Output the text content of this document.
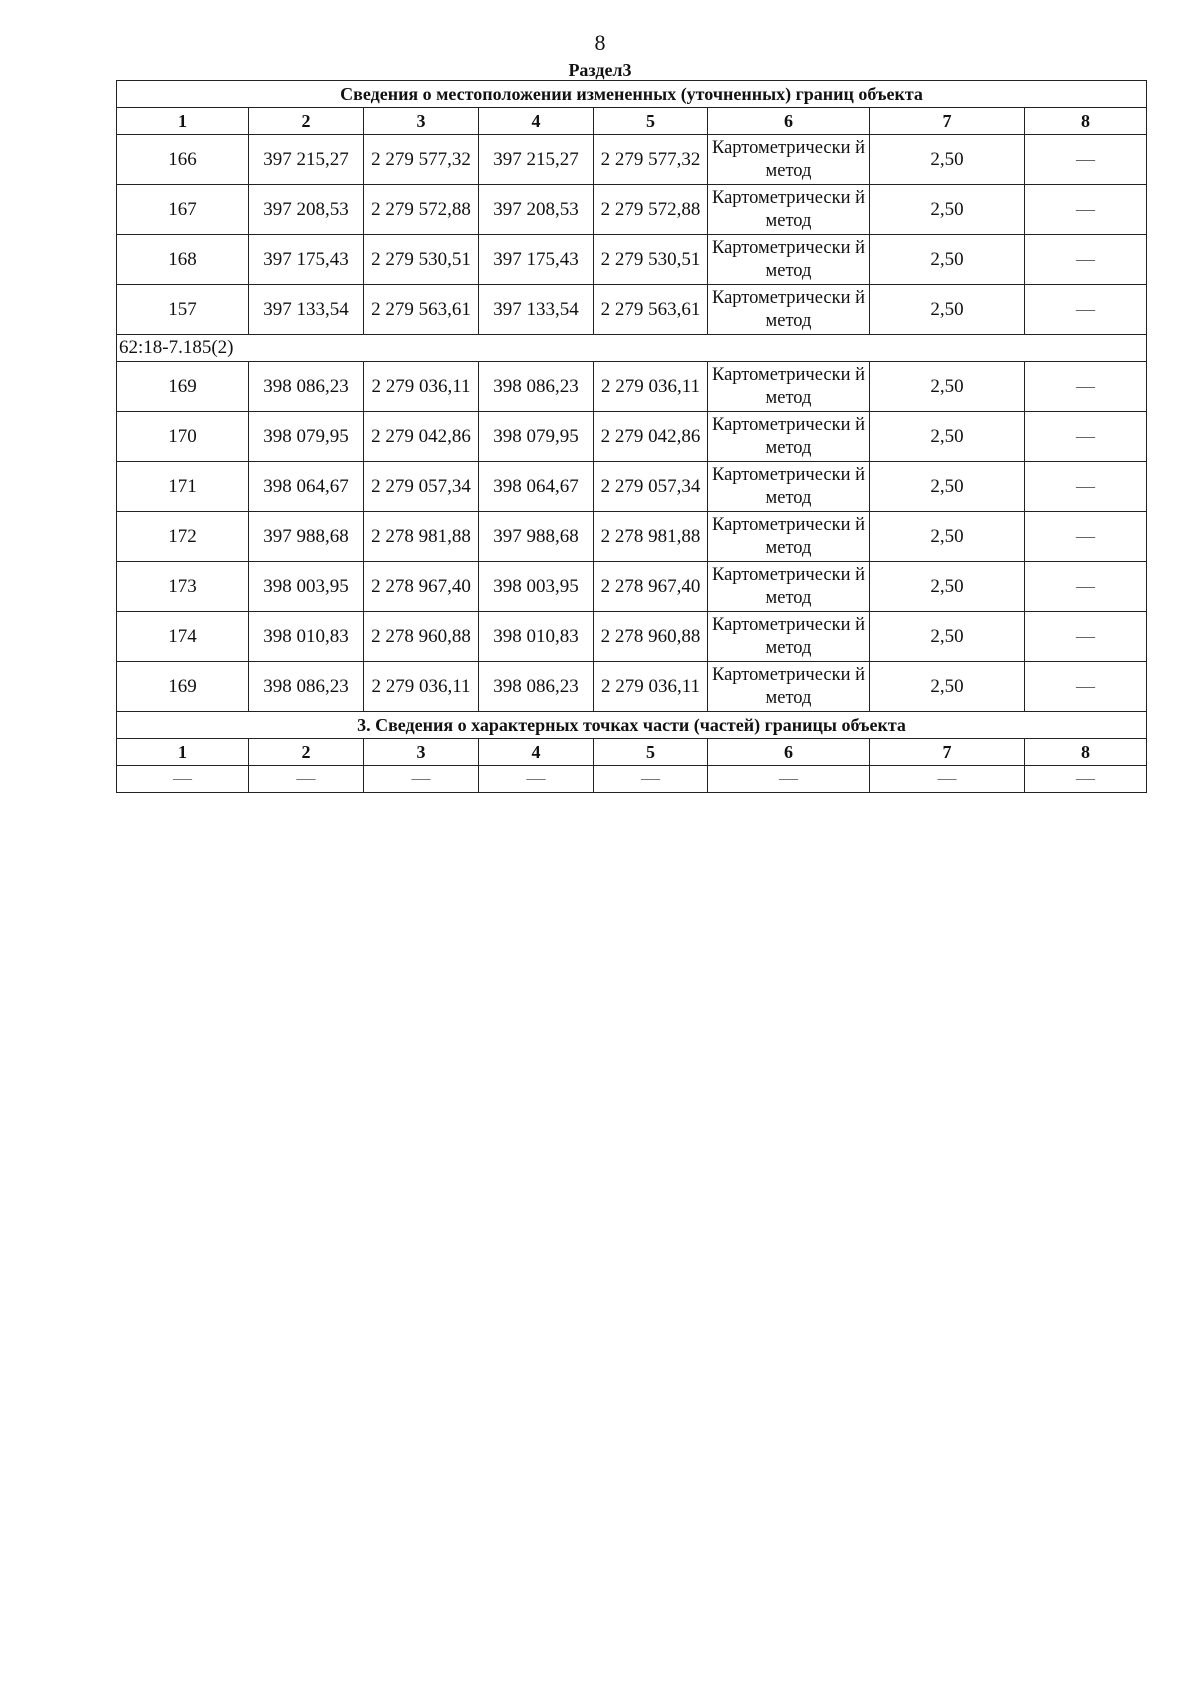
8
Раздел3
Сведения о местоположении измененных (уточненных) границ объекта							
1	2	3	4	5	6	7	8
166	397 215,27	2 279 577,32	397 215,27	2 279 577,32	Картометрически й метод	2,50	—
167	397 208,53	2 279 572,88	397 208,53	2 279 572,88	Картометрически й метод	2,50	—
168	397 175,43	2 279 530,51	397 175,43	2 279 530,51	Картометрически й метод	2,50	—
157	397 133,54	2 279 563,61	397 133,54	2 279 563,61	Картометрически й метод	2,50	—
62:18-7.185(2)							
169	398 086,23	2 279 036,11	398 086,23	2 279 036,11	Картометрически й метод	2,50	—
170	398 079,95	2 279 042,86	398 079,95	2 279 042,86	Картометрически й метод	2,50	—
171	398 064,67	2 279 057,34	398 064,67	2 279 057,34	Картометрически й метод	2,50	—
172	397 988,68	2 278 981,88	397 988,68	2 278 981,88	Картометрически й метод	2,50	—
173	398 003,95	2 278 967,40	398 003,95	2 278 967,40	Картометрически й метод	2,50	—
174	398 010,83	2 278 960,88	398 010,83	2 278 960,88	Картометрически й метод	2,50	—
169	398 086,23	2 279 036,11	398 086,23	2 279 036,11	Картометрически й метод	2,50	—
3. Сведения о характерных точках части (частей) границы объекта							
1	2	3	4	5	6	7	8
—	—	—	—	—	—	—	—
